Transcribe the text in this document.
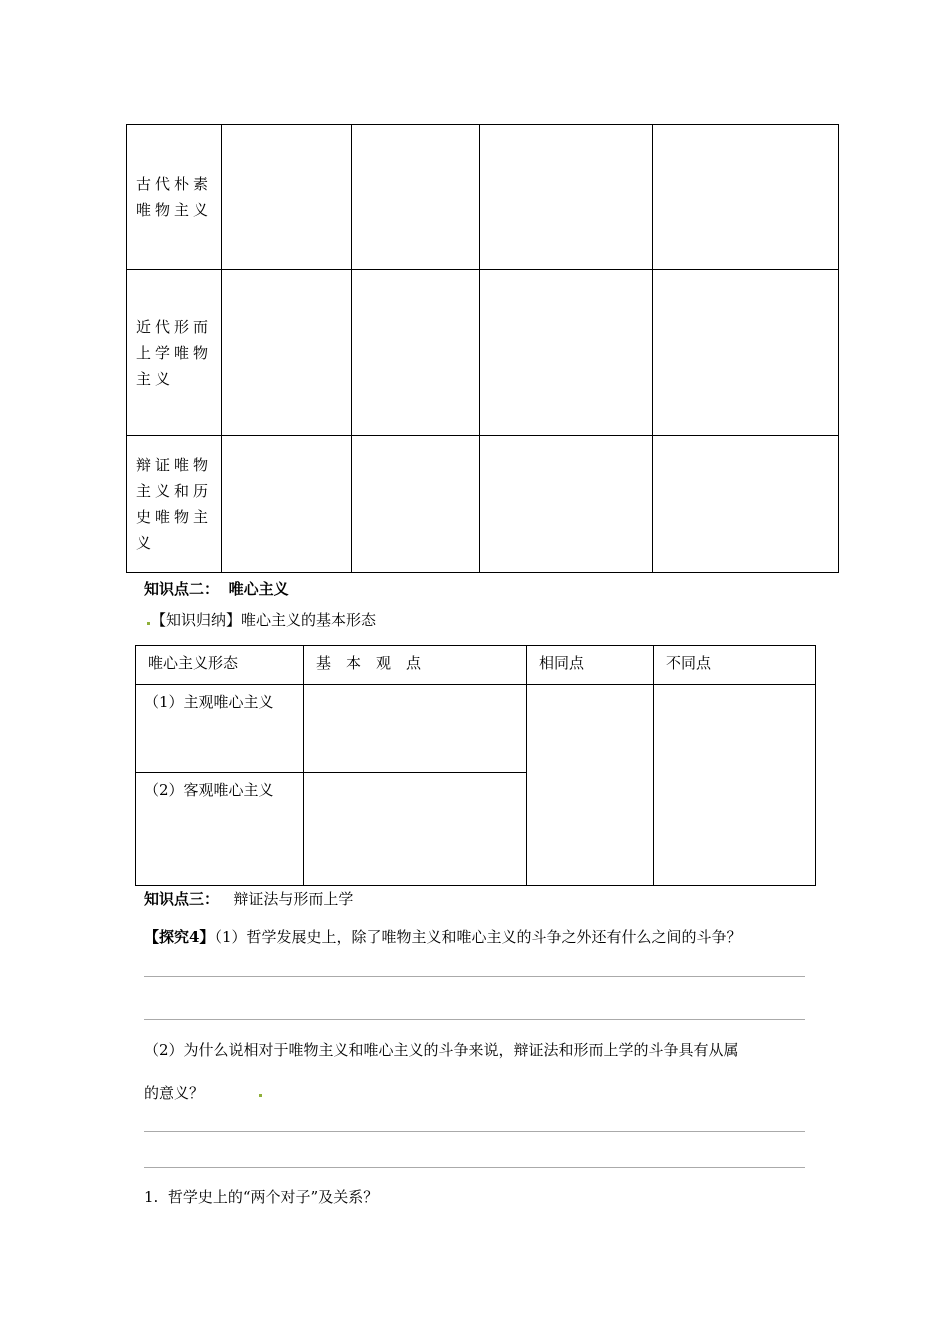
古代朴素唯物主义				
近代形而上学唯物主义				
辩证唯物主义和历史唯物主义				
知识点二： 唯心主义
【知识归纳】唯心主义的基本形态
唯心主义形态	基　本　观　点	相同点	不同点
（1）主观唯心主义			
（2）客观唯心主义			
知识点三： 辩证法与形而上学
【探究4】（1）哲学发展史上，除了唯物主义和唯心主义的斗争之外还有什么之间的斗争？
（2）为什么说相对于唯物主义和唯心主义的斗争来说，辩证法和形而上学的斗争具有从属
的意义？
1. 哲学史上的“两个对子”及关系？
